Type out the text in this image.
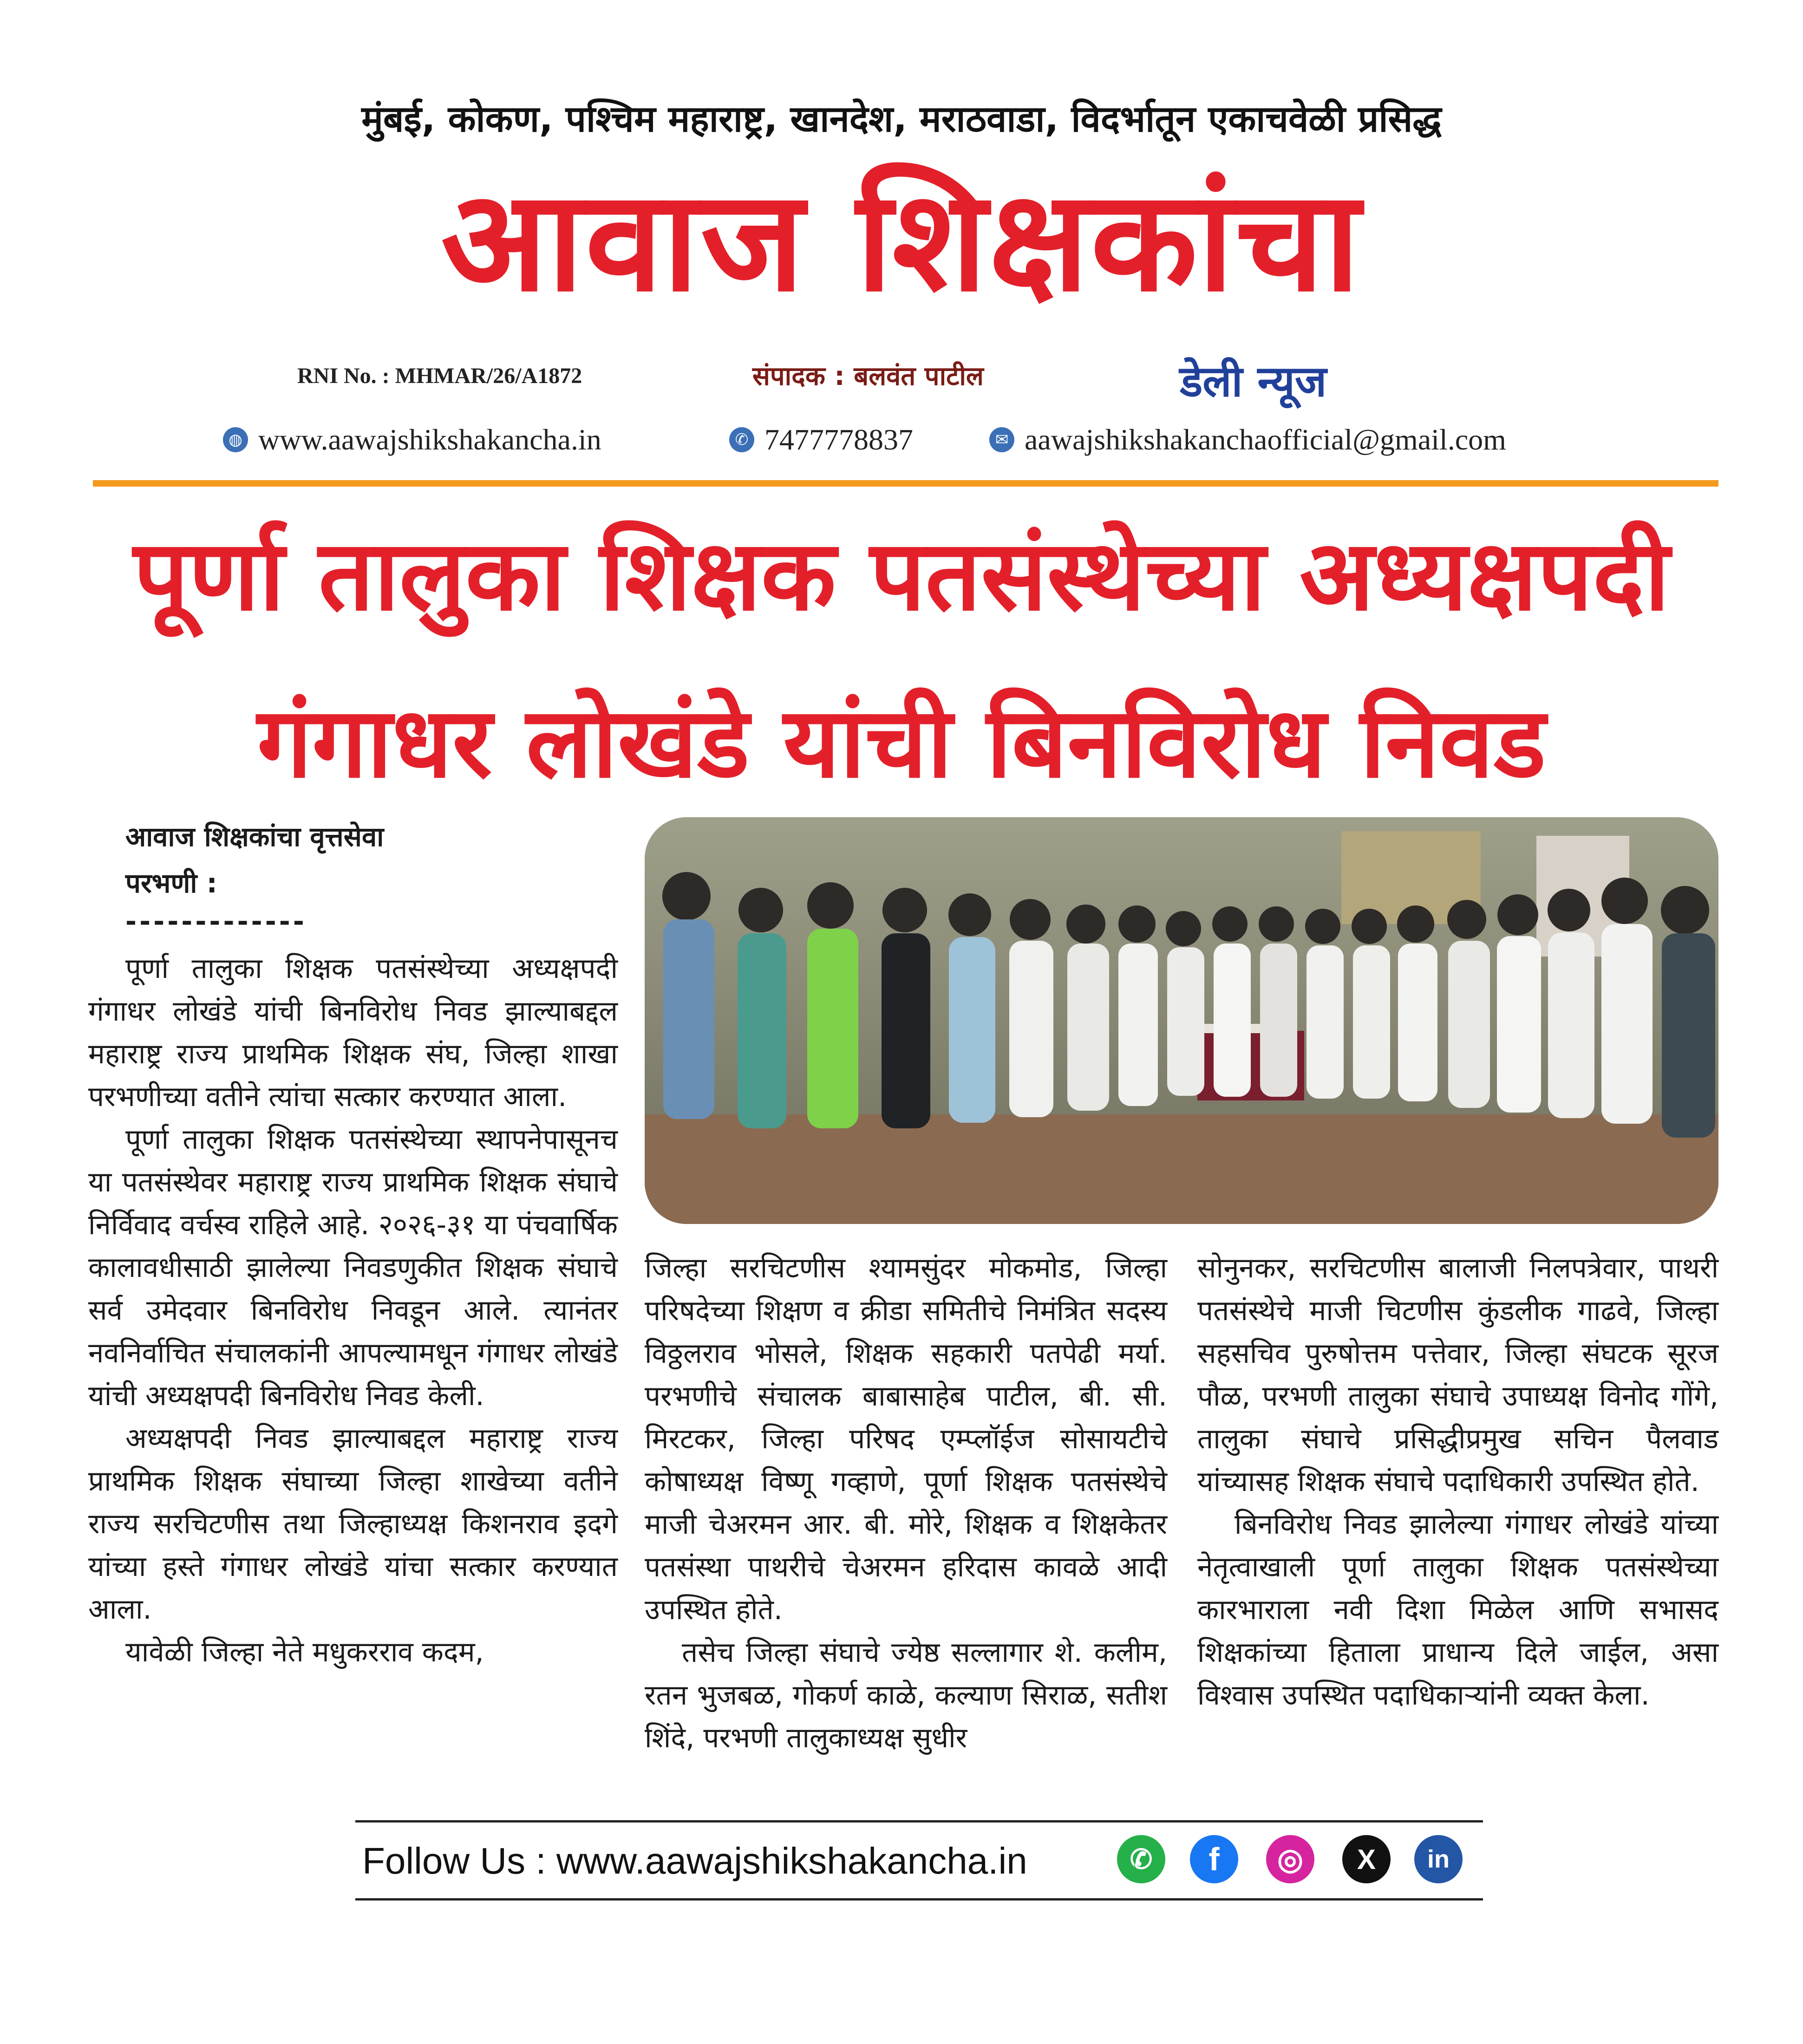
मुंबई, कोकण, पश्चिम महाराष्ट्र, खानदेश, मराठवाडा, विदर्भातून एकाचवेळी प्रसिद्ध
आवाज शिक्षकांचा
RNI No. : MHMAR/26/A1872	संपादक : बलवंत पाटील	डेली न्यूज
◍ www.aawajshikshakancha.in	✆ 7477778837	✉ aawajshikshakanchaofficial@gmail.com
पूर्णा तालुका शिक्षक पतसंस्थेच्या अध्यक्षपदी
गंगाधर लोखंडे यांची बिनविरोध निवड
आवाज शिक्षकांचा वृत्तसेवा
परभणी :
-------------

पूर्णा तालुका शिक्षक पतसंस्थेच्या अध्यक्षपदी गंगाधर लोखंडे यांची बिनविरोध निवड झाल्याबद्दल महाराष्ट्र राज्य प्राथमिक शिक्षक संघ, जिल्हा शाखा परभणीच्या वतीने त्यांचा सत्कार करण्यात आला.

पूर्णा तालुका शिक्षक पतसंस्थेच्या स्थापनेपासूनच या पतसंस्थेवर महाराष्ट्र राज्य प्राथमिक शिक्षक संघाचे निर्विवाद वर्चस्व राहिले आहे. २०२६-३१ या पंचवार्षिक कालावधीसाठी झालेल्या निवडणुकीत शिक्षक संघाचे सर्व उमेदवार बिनविरोध निवडून आले. त्यानंतर नवनिर्वाचित संचालकांनी आपल्यामधून गंगाधर लोखंडे यांची अध्यक्षपदी बिनविरोध निवड केली.

अध्यक्षपदी निवड झाल्याबद्दल महाराष्ट्र राज्य प्राथमिक शिक्षक संघाच्या जिल्हा शाखेच्या वतीने राज्य सरचिटणीस तथा जिल्हाध्यक्ष किशनराव इदगे यांच्या हस्ते गंगाधर लोखंडे यांचा सत्कार करण्यात आला.

यावेळी जिल्हा नेते मधुकरराव कदम,

जिल्हा सरचिटणीस श्यामसुंदर मोकमोड, जिल्हा परिषदेच्या शिक्षण व क्रीडा समितीचे निमंत्रित सदस्य विठ्ठलराव भोसले, शिक्षक सहकारी पतपेढी मर्या. परभणीचे संचालक बाबासाहेब पाटील, बी. सी. मिरटकर, जिल्हा परिषद एम्प्लॉईज सोसायटीचे कोषाध्यक्ष विष्णू गव्हाणे, पूर्णा शिक्षक पतसंस्थेचे माजी चेअरमन आर. बी. मोरे, शिक्षक व शिक्षकेतर पतसंस्था पाथरीचे चेअरमन हरिदास कावळे आदी उपस्थित होते.

तसेच जिल्हा संघाचे ज्येष्ठ सल्लागार शे. कलीम, रतन भुजबळ, गोकर्ण काळे, कल्याण सिराळ, सतीश शिंदे, परभणी तालुकाध्यक्ष सुधीर

सोनुनकर, सरचिटणीस बालाजी निलपत्रेवार, पाथरी पतसंस्थेचे माजी चिटणीस कुंडलीक गाढवे, जिल्हा सहसचिव पुरुषोत्तम पत्तेवार, जिल्हा संघटक सूरज पौळ, परभणी तालुका संघाचे उपाध्यक्ष विनोद गोंगे, तालुका संघाचे प्रसिद्धीप्रमुख सचिन पैलवाड यांच्यासह शिक्षक संघाचे पदाधिकारी उपस्थित होते.

बिनविरोध निवड झालेल्या गंगाधर लोखंडे यांच्या नेतृत्वाखाली पूर्णा तालुका शिक्षक पतसंस्थेच्या कारभाराला नवी दिशा मिळेल आणि सभासद शिक्षकांच्या हिताला प्राधान्य दिले जाईल, असा विश्वास उपस्थित पदाधिकाऱ्यांनी व्यक्त केला.

Follow Us : www.aawajshikshakancha.in	✆ f ◎ X in
